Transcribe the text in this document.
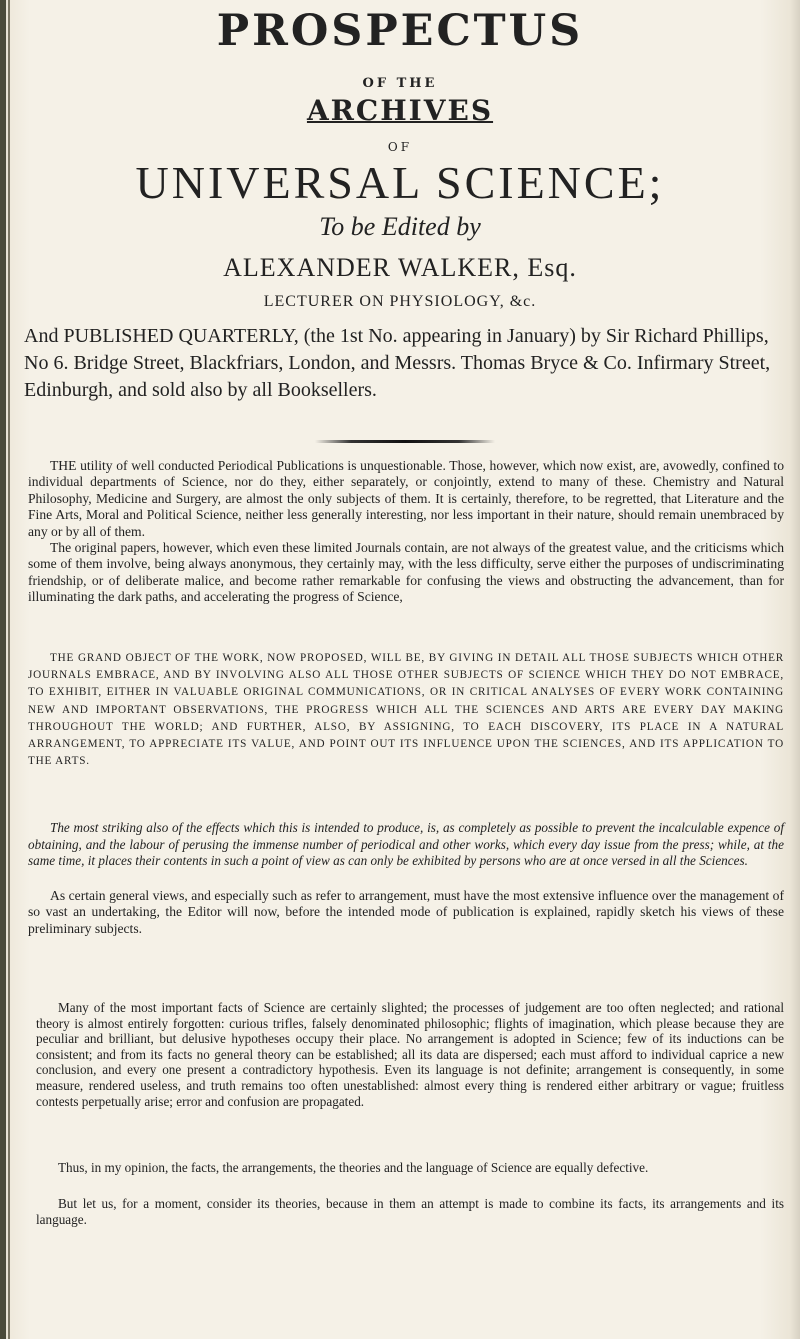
PROSPECTUS

OF THE

ARCHIVES

OF

UNIVERSAL SCIENCE;

To be Edited by

ALEXANDER WALKER, Esq.

LECTURER ON PHYSIOLOGY, &c.

And PUBLISHED QUARTERLY, (the 1st No. appearing in January) by Sir Richard Phillips, No 6. Bridge Street, Blackfriars, London, and Messrs. Thomas Bryce & Co. Infirmary Street, Edinburgh, and sold also by all Booksellers.

THE utility of well conducted Periodical Publications is unquestionable. Those, however, which now exist, are, avowedly, confined to individual departments of Science, nor do they, either separately, or conjointly, extend to many of these. Chemistry and Natural Philosophy, Medicine and Surgery, are almost the only subjects of them. It is certainly, therefore, to be regretted, that Literature and the Fine Arts, Moral and Political Science, neither less generally interesting, nor less important in their nature, should remain unembraced by any or by all of them.

The original papers, however, which even these limited Journals contain, are not always of the greatest value, and the criticisms which some of them involve, being always anonymous, they certainly may, with the less difficulty, serve either the purposes of undiscriminating friendship, or of deliberate malice, and become rather remarkable for confusing the views and obstructing the advancement, than for illuminating the dark paths, and accelerating the progress of Science,

THE GRAND OBJECT OF THE WORK, NOW PROPOSED, WILL BE, BY GIVING IN DETAIL ALL THOSE SUBJECTS WHICH OTHER JOURNALS EMBRACE, AND BY INVOLVING ALSO ALL THOSE OTHER SUBJECTS OF SCIENCE WHICH THEY DO NOT EMBRACE, TO EXHIBIT, EITHER IN VALUABLE ORIGINAL COMMUNICATIONS, OR IN CRITICAL ANALYSES OF EVERY WORK CONTAINING NEW AND IMPORTANT OBSERVATIONS, THE PROGRESS WHICH ALL THE SCIENCES AND ARTS ARE EVERY DAY MAKING THROUGHOUT THE WORLD; AND FURTHER, ALSO, BY ASSIGNING, TO EACH DISCOVERY, ITS PLACE IN A NATURAL ARRANGEMENT, TO APPRECIATE ITS VALUE, AND POINT OUT ITS INFLUENCE UPON THE SCIENCES, AND ITS APPLICATION TO THE ARTS.

The most striking also of the effects which this is intended to produce, is, as completely as possible to prevent the incalculable expence of obtaining, and the labour of perusing the immense number of periodical and other works, which every day issue from the press; while, at the same time, it places their contents in such a point of view as can only be exhibited by persons who are at once versed in all the Sciences.

As certain general views, and especially such as refer to arrangement, must have the most extensive influence over the management of so vast an undertaking, the Editor will now, before the intended mode of publication is explained, rapidly sketch his views of these preliminary subjects.

Many of the most important facts of Science are certainly slighted; the processes of judgement are too often neglected; and rational theory is almost entirely forgotten: curious trifles, falsely denominated philosophic; flights of imagination, which please because they are peculiar and brilliant, but delusive hypotheses occupy their place. No arrangement is adopted in Science; few of its inductions can be consistent; and from its facts no general theory can be established; all its data are dispersed; each must afford to individual caprice a new conclusion, and every one present a contradictory hypothesis. Even its language is not definite; arrangement is consequently, in some measure, rendered useless, and truth remains too often unestablished: almost every thing is rendered either arbitrary or vague; fruitless contests perpetually arise; error and confusion are propagated.

Thus, in my opinion, the facts, the arrangements, the theories and the language of Science are equally defective.

But let us, for a moment, consider its theories, because in them an attempt is made to combine its facts, its arrangements and its language.
